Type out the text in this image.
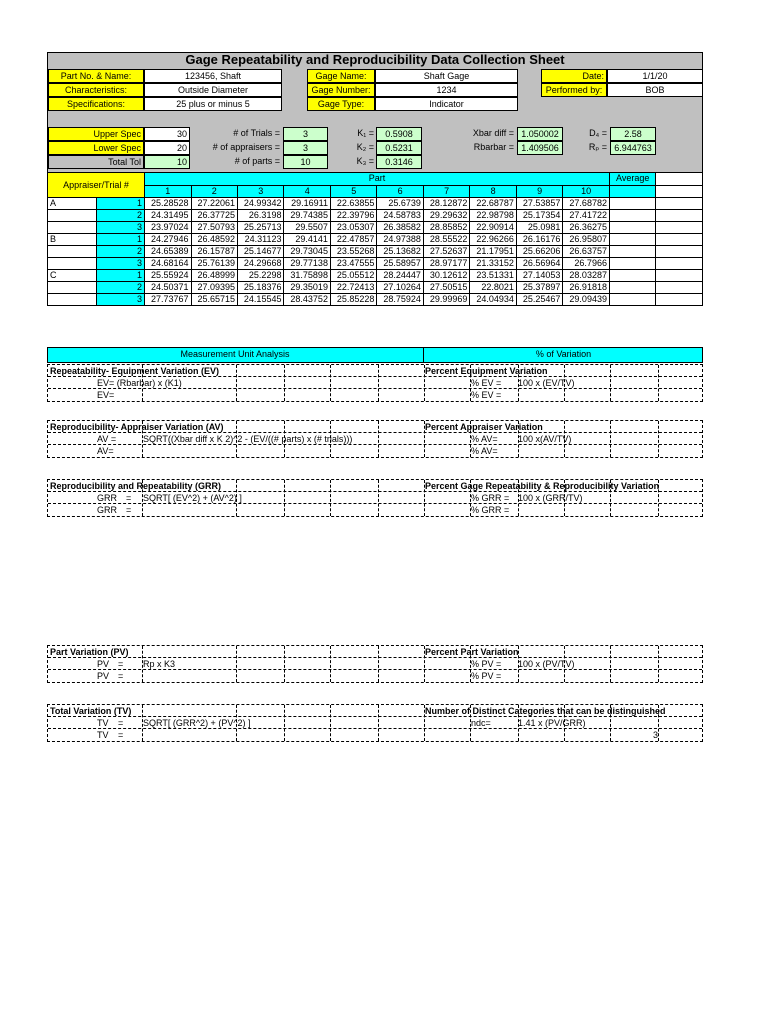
Gage Repeatability and Reproducibility Data Collection Sheet
Part No. & Name:	123456, Shaft	Gage Name:	Shaft Gage	Date:	1/1/20
Characteristics:	Outside Diameter	Gage Number:	1234	Performed by:	BOB
Specifications:	25 plus or minus 5	Gage Type:	Indicator
Upper Spec	30
Lower Spec	20
Total Tol	10
# of Trials =	3
# of appraisers =	3
# of parts =	10
K₁ =	0.5908
K₂ =	0.5231
K₃ =	0.3146
Xbar diff = 1.050002
Rbarbar = 1.409506
D₄ =	2.58
Rₚ = 6.944763
Appraiser/Trial #		Part										Average	
		1	2	3	4	5	6	7	8	9	10		
A	1	25.28528	27.22061	24.99342	29.16911	22.63855	25.6739	28.12872	22.68787	27.53857	27.68782		
	2	24.31495	26.37725	26.3198	29.74385	22.39796	24.58783	29.29632	22.98798	25.17354	27.41722		
	3	23.97024	27.50793	25.25713	29.5507	23.05307	26.38582	28.85852	22.90914	25.0981	26.36275		
B	1	24.27946	26.48592	24.31123	29.4141	22.47857	24.97388	28.55522	22.96266	26.16176	26.95807		
	2	24.65389	26.15787	25.14677	29.73045	23.55268	25.13682	27.52637	21.17951	25.66206	26.63757		
	3	24.68164	25.76139	24.29668	29.77138	23.47555	25.58957	28.97177	21.33152	26.56964	26.7966		
C	1	25.55924	26.48999	25.2298	31.75898	25.05512	28.24447	30.12612	23.51331	27.14053	28.03287		
	2	24.50371	27.09395	25.18376	29.35019	22.72413	27.10264	27.50515	22.8021	25.37897	26.91818		
	3	27.73767	25.65715	24.15545	28.43752	25.85228	28.75924	29.99969	24.04934	25.25467	29.09439		
Measurement Unit Analysis	% of Variation
Repeatability- Equipment Variation (EV)
EV= (Rbarbar) x (K1)
EV=
Percent Equipment Variation
% EV = 100 x (EV/TV)
% EV =
Reproducibility- Appraiser Variation (AV)
AV =	SQRT((Xbar diff x K 2)^2 - (EV/((# parts) x (# trials)))
AV=
Percent Appraiser Variation
% AV= 100 x(AV/TV)
% AV=
Reproducibility and Repeatability (GRR)
GRR = SQRT[ (EV^2) + (AV^2) ]
GRR =
Percent Gage Repeatability & Reproducibility Variation
% GRR = 100 x (GRR/TV)
% GRR =
Part Variation (PV)
PV = Rp x K3
PV =
Percent Part Variation
% PV = 100 x (PV/TV)
% PV =
Total Variation (TV)
TV = SQRT[ (GRR^2) + (PV^2) ]
TV =
Number of Distinct Categories that can be distinguished
ndc=	1.41 x (PV/GRR)
3
